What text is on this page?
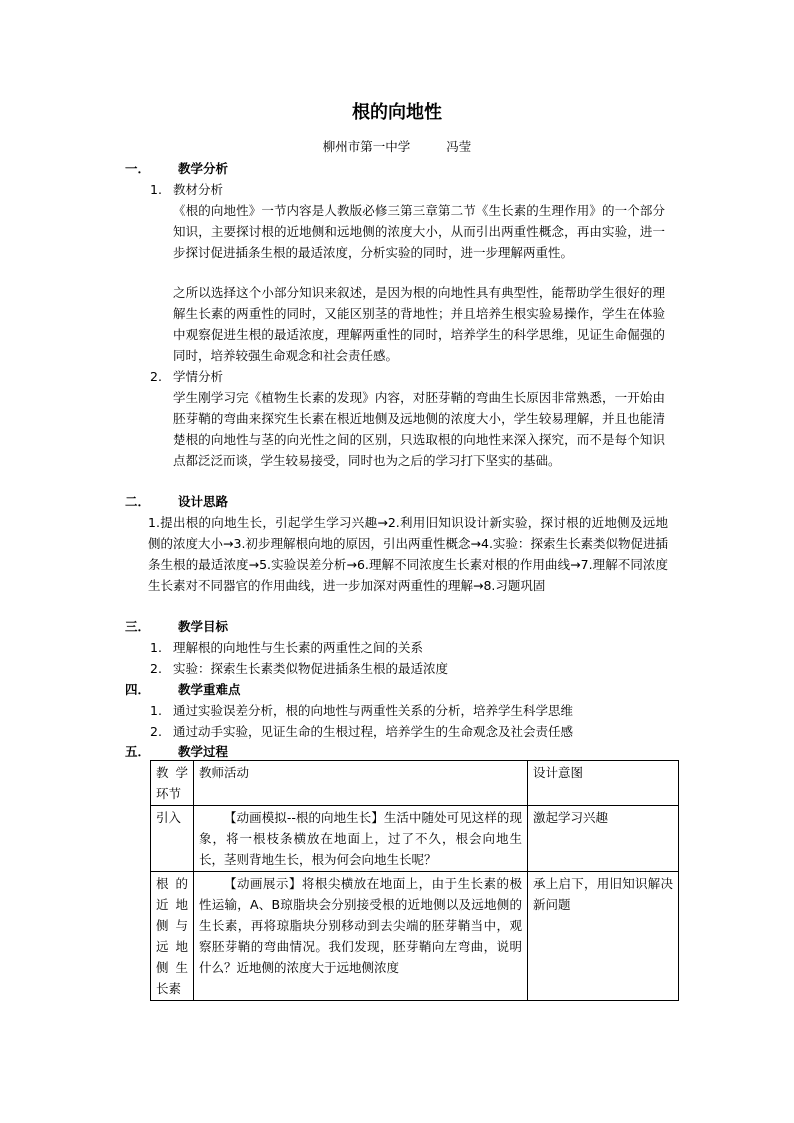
根的向地性
柳州市第一中学	冯莹
一．	教学分析
1. 教材分析
《根的向地性》一节内容是人教版必修三第三章第二节《生长素的生理作用》的一个部分知识，主要探讨根的近地侧和远地侧的浓度大小，从而引出两重性概念，再由实验，进一步探讨促进插条生根的最适浓度，分析实验的同时，进一步理解两重性。
之所以选择这个小部分知识来叙述，是因为根的向地性具有典型性，能帮助学生很好的理解生长素的两重性的同时，又能区别茎的背地性；并且培养生根实验易操作，学生在体验中观察促进生根的最适浓度，理解两重性的同时，培养学生的科学思维，见证生命倔强的同时，培养较强生命观念和社会责任感。
2. 学情分析
学生刚学习完《植物生长素的发现》内容，对胚芽鞘的弯曲生长原因非常熟悉，一开始由胚芽鞘的弯曲来探究生长素在根近地侧及远地侧的浓度大小，学生较易理解，并且也能清楚根的向地性与茎的向光性之间的区别，只选取根的向地性来深入探究，而不是每个知识点都泛泛而谈，学生较易接受，同时也为之后的学习打下坚实的基础。
二．	设计思路
1.提出根的向地生长，引起学生学习兴趣→2.利用旧知识设计新实验，探讨根的近地侧及远地侧的浓度大小→3.初步理解根向地的原因，引出两重性概念→4.实验：探索生长素类似物促进插条生根的最适浓度→5.实验误差分析→6.理解不同浓度生长素对根的作用曲线→7.理解不同浓度生长素对不同器官的作用曲线，进一步加深对两重性的理解→8.习题巩固
三．	教学目标
1. 理解根的向地性与生长素的两重性之间的关系
2. 实验：探索生长素类似物促进插条生根的最适浓度
四．	教学重难点
1. 通过实验误差分析，根的向地性与两重性关系的分析，培养学生科学思维
2. 通过动手实验，见证生命的生根过程，培养学生的生命观念及社会责任感
五．	教学过程
教学环节	教师活动	设计意图
引入	【动画模拟--根的向地生长】生活中随处可见这样的现象，将一根枝条横放在地面上，过了不久，根会向地生长，茎则背地生长，根为何会向地生长呢？	激起学习兴趣
根的近地侧与远地侧生长素	【动画展示】将根尖横放在地面上，由于生长素的极性运输，A、B琼脂块会分别接受根的近地侧以及远地侧的生长素，再将琼脂块分别移动到去尖端的胚芽鞘当中，观察胚芽鞘的弯曲情况。我们发现，胚芽鞘向左弯曲，说明什么？近地侧的浓度大于远地侧浓度	承上启下，用旧知识解决新问题
